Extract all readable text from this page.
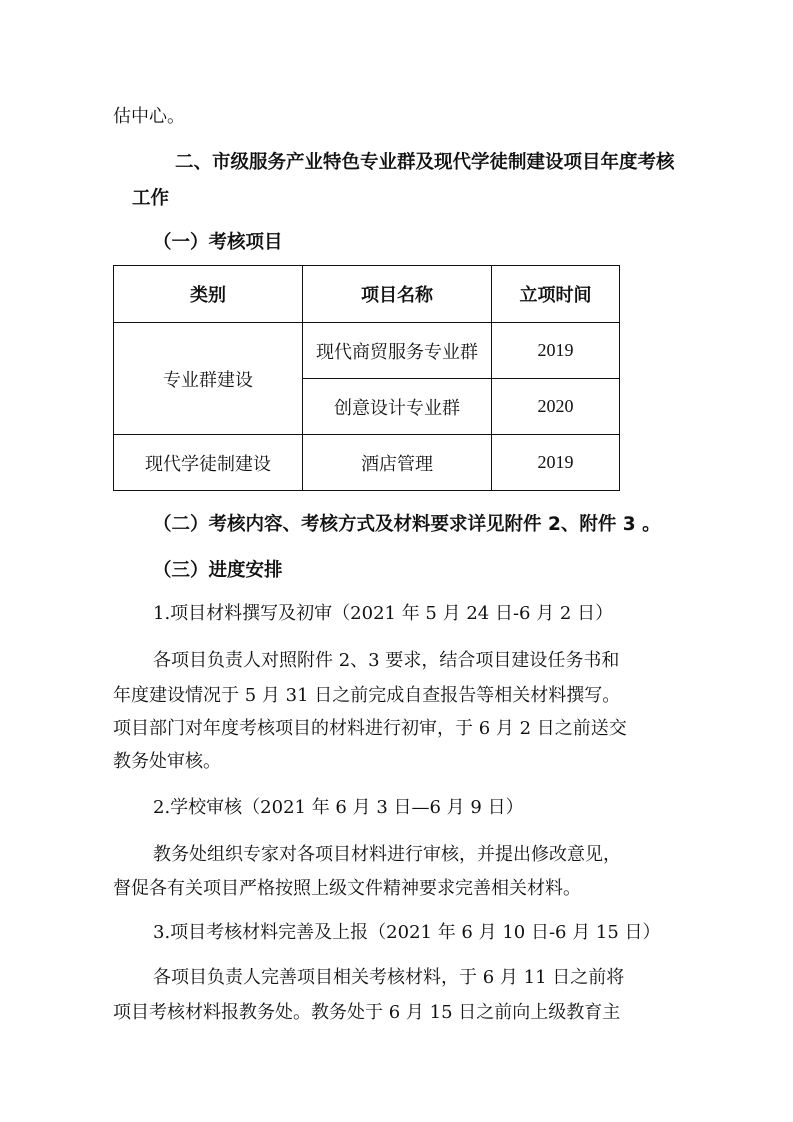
估中心。
二、市级服务产业特色专业群及现代学徒制建设项目年度考核
工作
（一）考核项目
类别	项目名称	立项时间
专业群建设	现代商贸服务专业群	2019
	创意设计专业群	2020
现代学徒制建设	酒店管理	2019
（二）考核内容、考核方式及材料要求详见附件 2、附件 3 。
（三）进度安排
1.项目材料撰写及初审（2021 年 5 月 24 日-6 月 2 日）
各项目负责人对照附件 2、3 要求，结合项目建设任务书和
年度建设情况于 5 月 31 日之前完成自查报告等相关材料撰写。
项目部门对年度考核项目的材料进行初审，于 6 月 2 日之前送交
教务处审核。
2.学校审核（2021 年 6 月 3 日—6 月 9 日）
教务处组织专家对各项目材料进行审核，并提出修改意见，
督促各有关项目严格按照上级文件精神要求完善相关材料。
3.项目考核材料完善及上报（2021 年 6 月 10 日-6 月 15 日）
各项目负责人完善项目相关考核材料，于 6 月 11 日之前将
项目考核材料报教务处。教务处于 6 月 15 日之前向上级教育主
